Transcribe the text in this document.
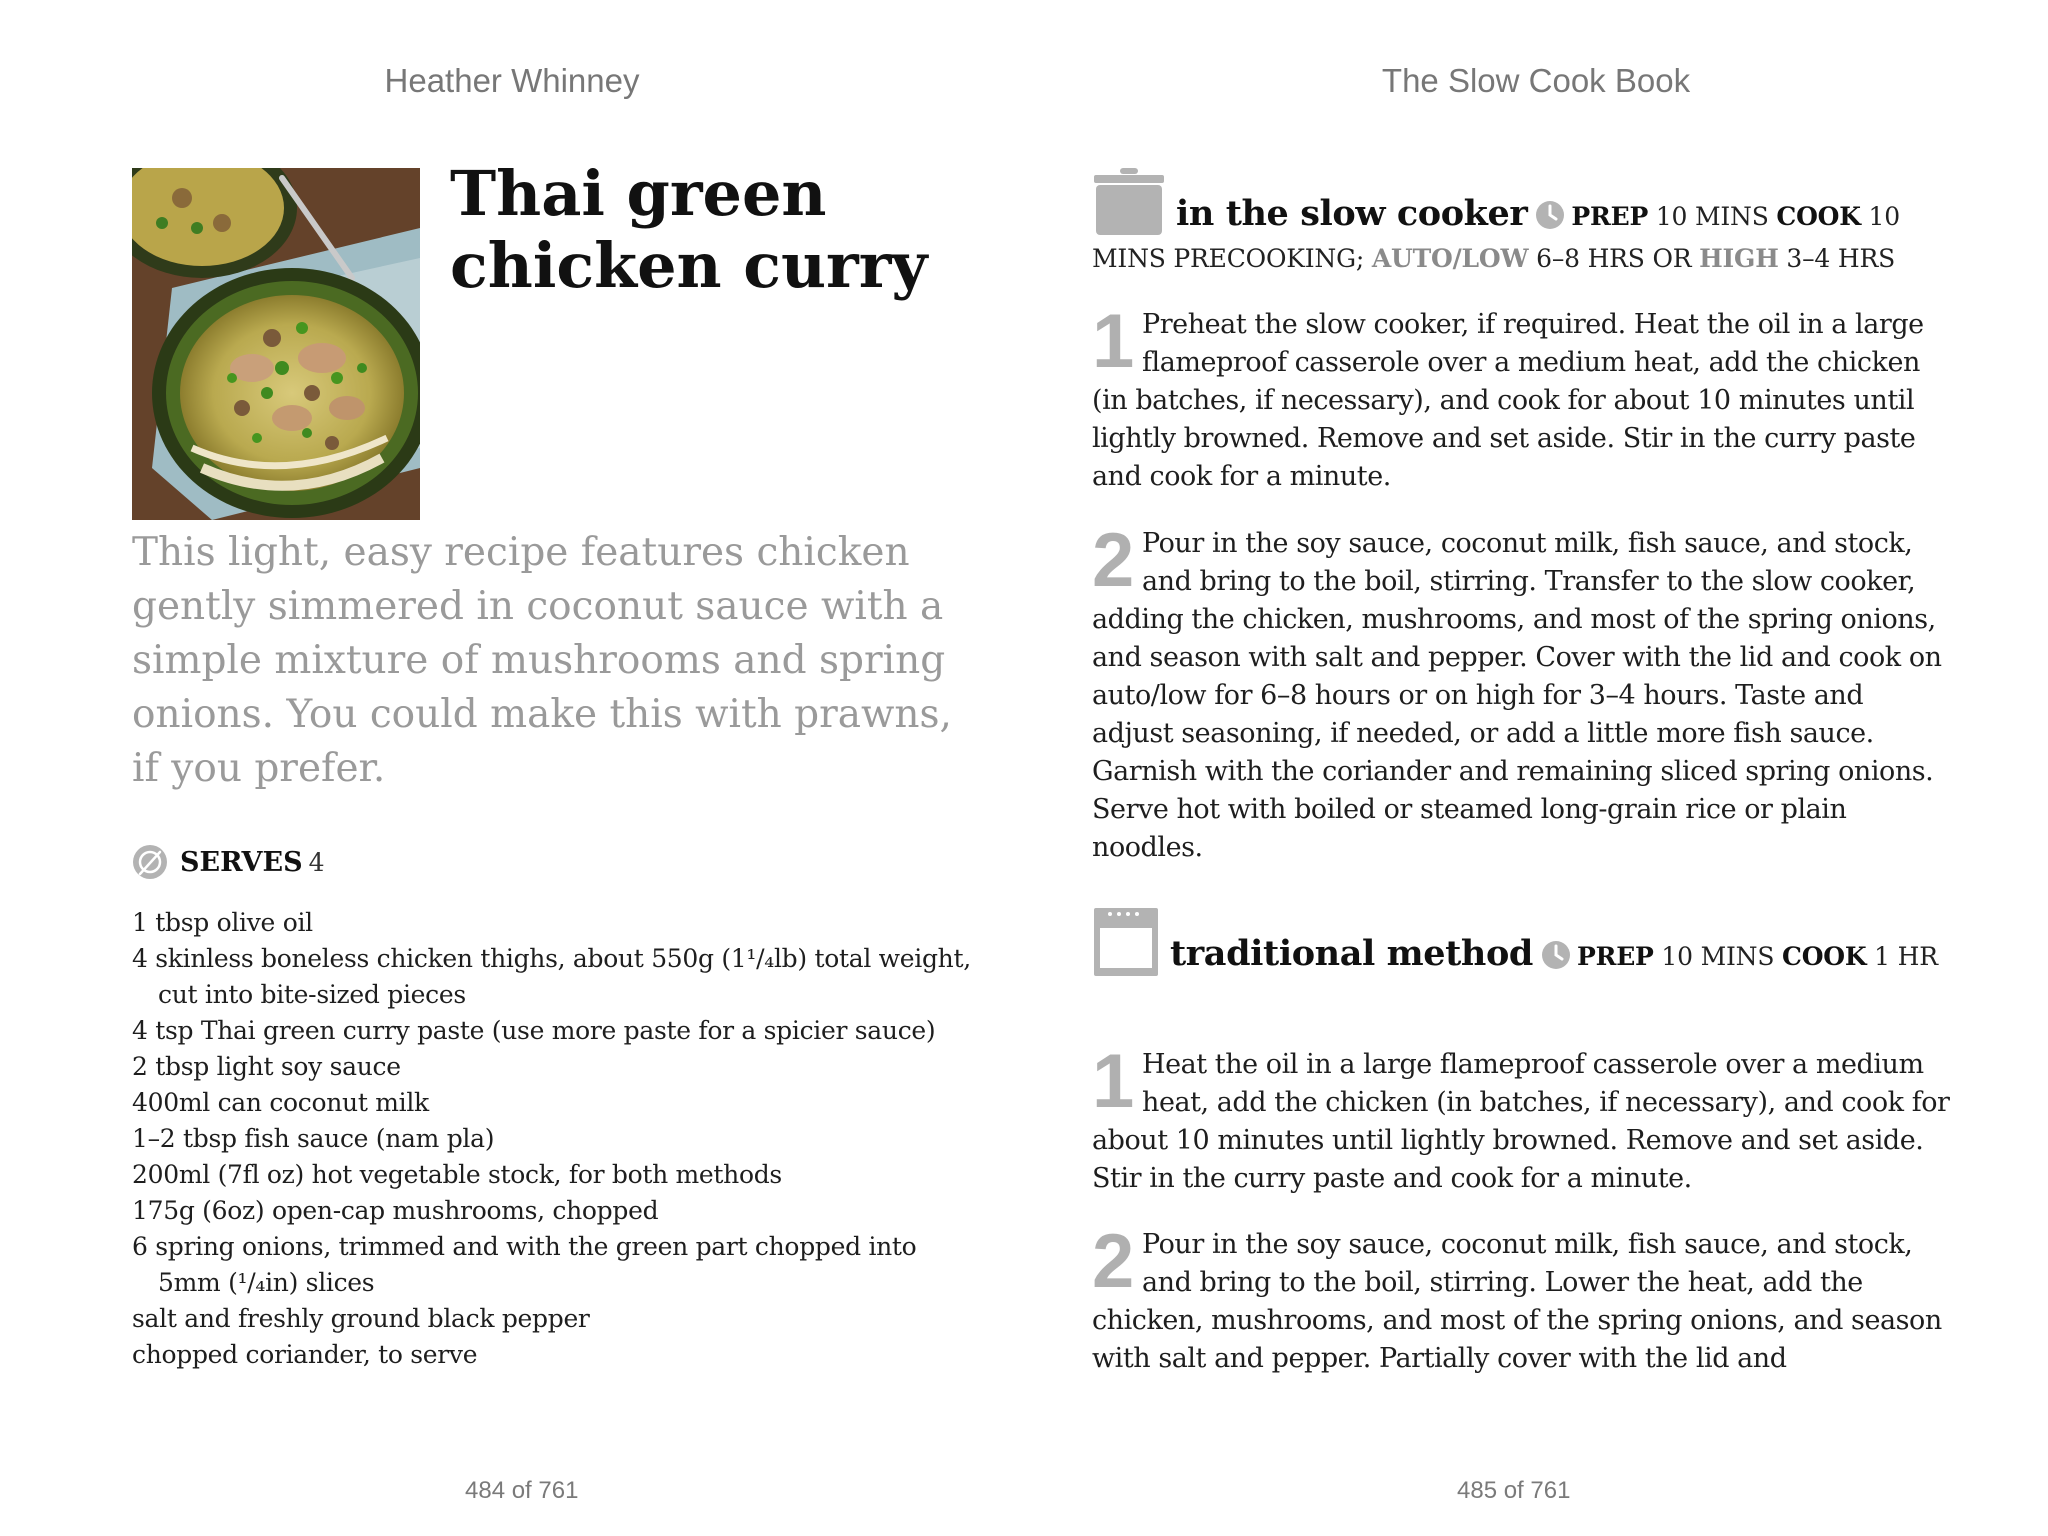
Heather Whinney
Thai green
chicken curry

This light, easy recipe features chicken gently simmered in coconut sauce with a simple mixture of mushrooms and spring onions. You could make this with prawns, if you prefer.

SERVES 4
1 tbsp olive oil
4 skinless boneless chicken thighs, about 550g (1¹/₄lb) total weight, cut into bite-sized pieces
4 tsp Thai green curry paste (use more paste for a spicier sauce)
2 tbsp light soy sauce
400ml can coconut milk
1–2 tbsp fish sauce (nam pla)
200ml (7fl oz) hot vegetable stock, for both methods
175g (6oz) open-cap mushrooms, chopped
6 spring onions, trimmed and with the green part chopped into 5mm (¹/₄in) slices
salt and freshly ground black pepper
chopped coriander, to serve
484 of 761
The Slow Cook Book
in the slow cooker PREP 10 MINS COOK 10 MINS PRECOOKING; AUTO/LOW 6–8 HRS OR HIGH 3–4 HRS

1 Preheat the slow cooker, if required. Heat the oil in a large flameproof casserole over a medium heat, add the chicken (in batches, if necessary), and cook for about 10 minutes until lightly browned. Remove and set aside. Stir in the curry paste and cook for a minute.

2 Pour in the soy sauce, coconut milk, fish sauce, and stock, and bring to the boil, stirring. Transfer to the slow cooker, adding the chicken, mushrooms, and most of the spring onions, and season with salt and pepper. Cover with the lid and cook on auto/low for 6–8 hours or on high for 3–4 hours. Taste and adjust seasoning, if needed, or add a little more fish sauce. Garnish with the coriander and remaining sliced spring onions. Serve hot with boiled or steamed long-grain rice or plain noodles.

traditional method PREP 10 MINS COOK 1 HR

1 Heat the oil in a large flameproof casserole over a medium heat, add the chicken (in batches, if necessary), and cook for about 10 minutes until lightly browned. Remove and set aside. Stir in the curry paste and cook for a minute.

2 Pour in the soy sauce, coconut milk, fish sauce, and stock, and bring to the boil, stirring. Lower the heat, add the chicken, mushrooms, and most of the spring onions, and season with salt and pepper. Partially cover with the lid and

485 of 761
